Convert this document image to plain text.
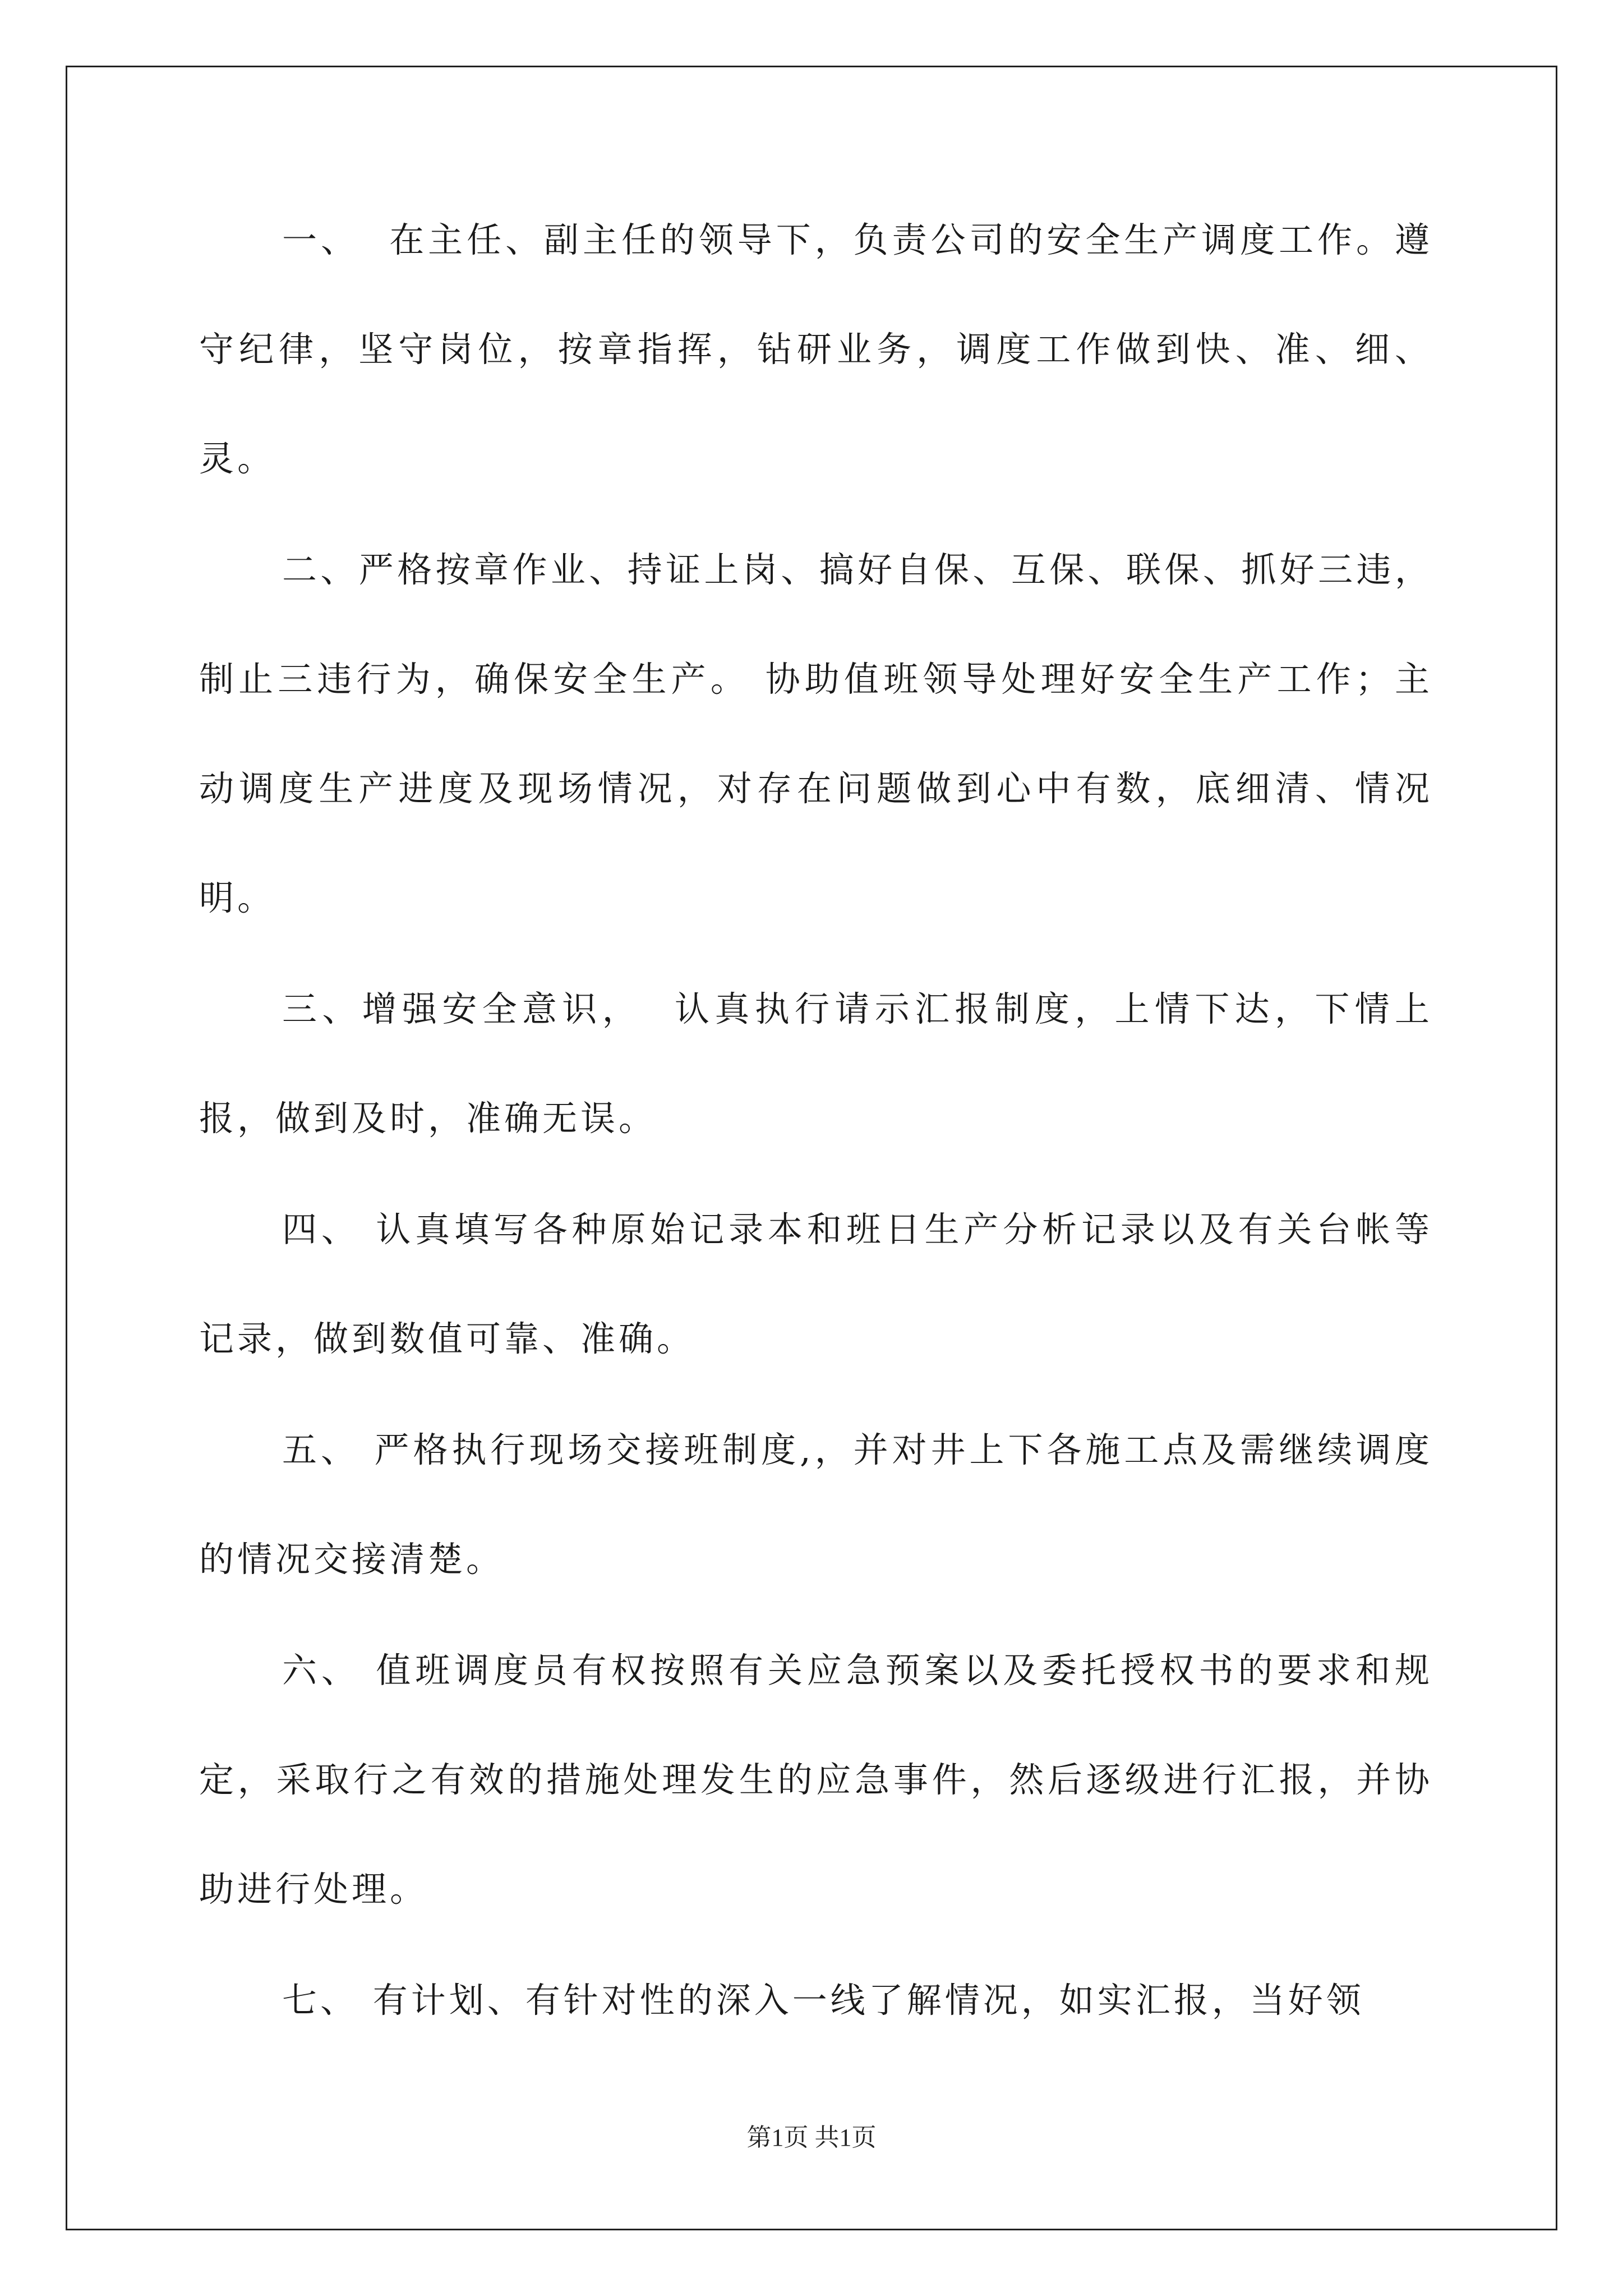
一、  在主任、副主任的领导下，负责公司的安全生产调度工作。遵守纪律，坚守岗位，按章指挥，钻研业务，调度工作做到快、准、细、灵。

二、严格按章作业、持证上岗、搞好自保、互保、联保、抓好三违，制止三违行为，确保安全生产。 协助值班领导处理好安全生产工作；主动调度生产进度及现场情况，对存在问题做到心中有数，底细清、情况明。

三、增强安全意识，  认真执行请示汇报制度，上情下达，下情上报，做到及时，准确无误。

四、 认真填写各种原始记录本和班日生产分析记录以及有关台帐等记录，做到数值可靠、准确。

五、 严格执行现场交接班制度,，并对井上下各施工点及需继续调度的情况交接清楚。

六、 值班调度员有权按照有关应急预案以及委托授权书的要求和规定，采取行之有效的措施处理发生的应急事件，然后逐级进行汇报，并协助进行处理。

七、 有计划、有针对性的深入一线了解情况，如实汇报，当好领

第1页 共1页
